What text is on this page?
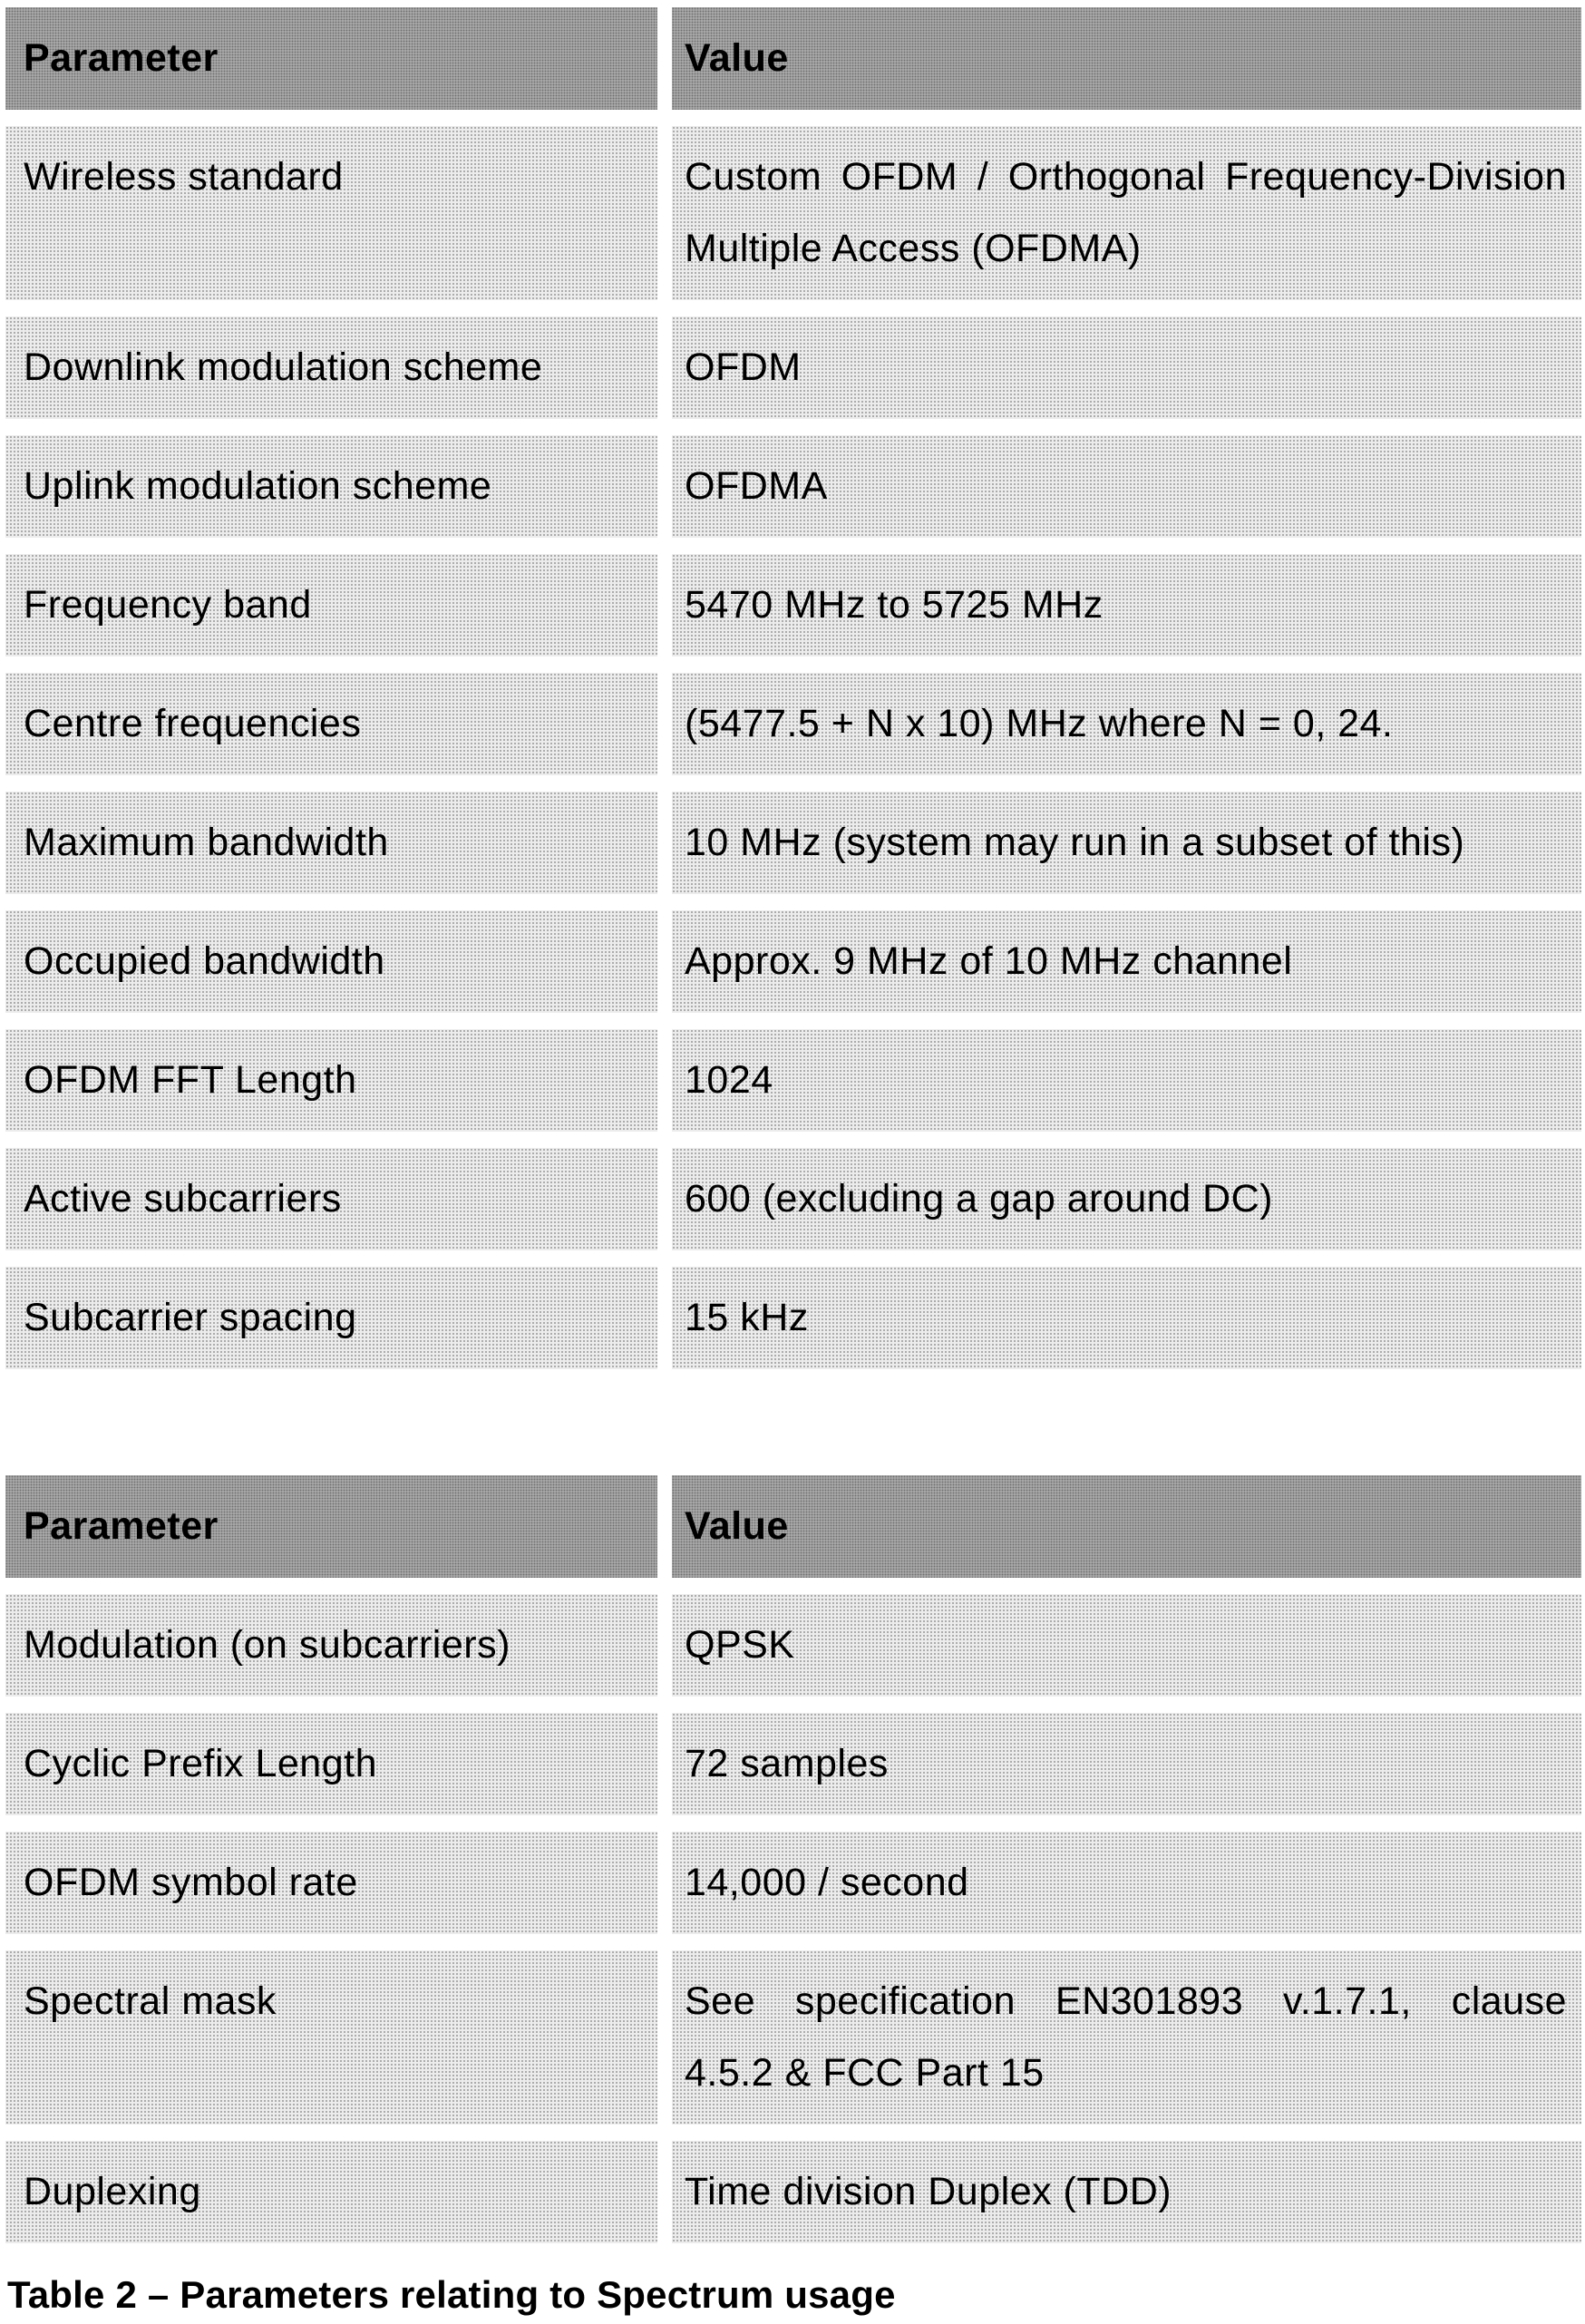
Parameter	Value
Wireless standard	Custom OFDM / Orthogonal Frequency-Division
Multiple Access (OFDMA)
Downlink modulation scheme	OFDM
Uplink modulation scheme	OFDMA
Frequency band	5470 MHz to 5725 MHz
Centre frequencies	(5477.5 + N x 10) MHz where N = 0, 24.
Maximum bandwidth	10 MHz (system may run in a subset of this)
Occupied bandwidth	Approx. 9 MHz of 10 MHz channel
OFDM FFT Length	1024
Active subcarriers	600 (excluding a gap around DC)
Subcarrier spacing	15 kHz
Parameter	Value
Modulation (on subcarriers)	QPSK
Cyclic Prefix Length	72 samples
OFDM symbol rate	14,000 / second
Spectral mask	See specification EN301893 v.1.7.1, clause
4.5.2 & FCC Part 15
Duplexing	Time division Duplex (TDD)

Table 2 – Parameters relating to Spectrum usage
